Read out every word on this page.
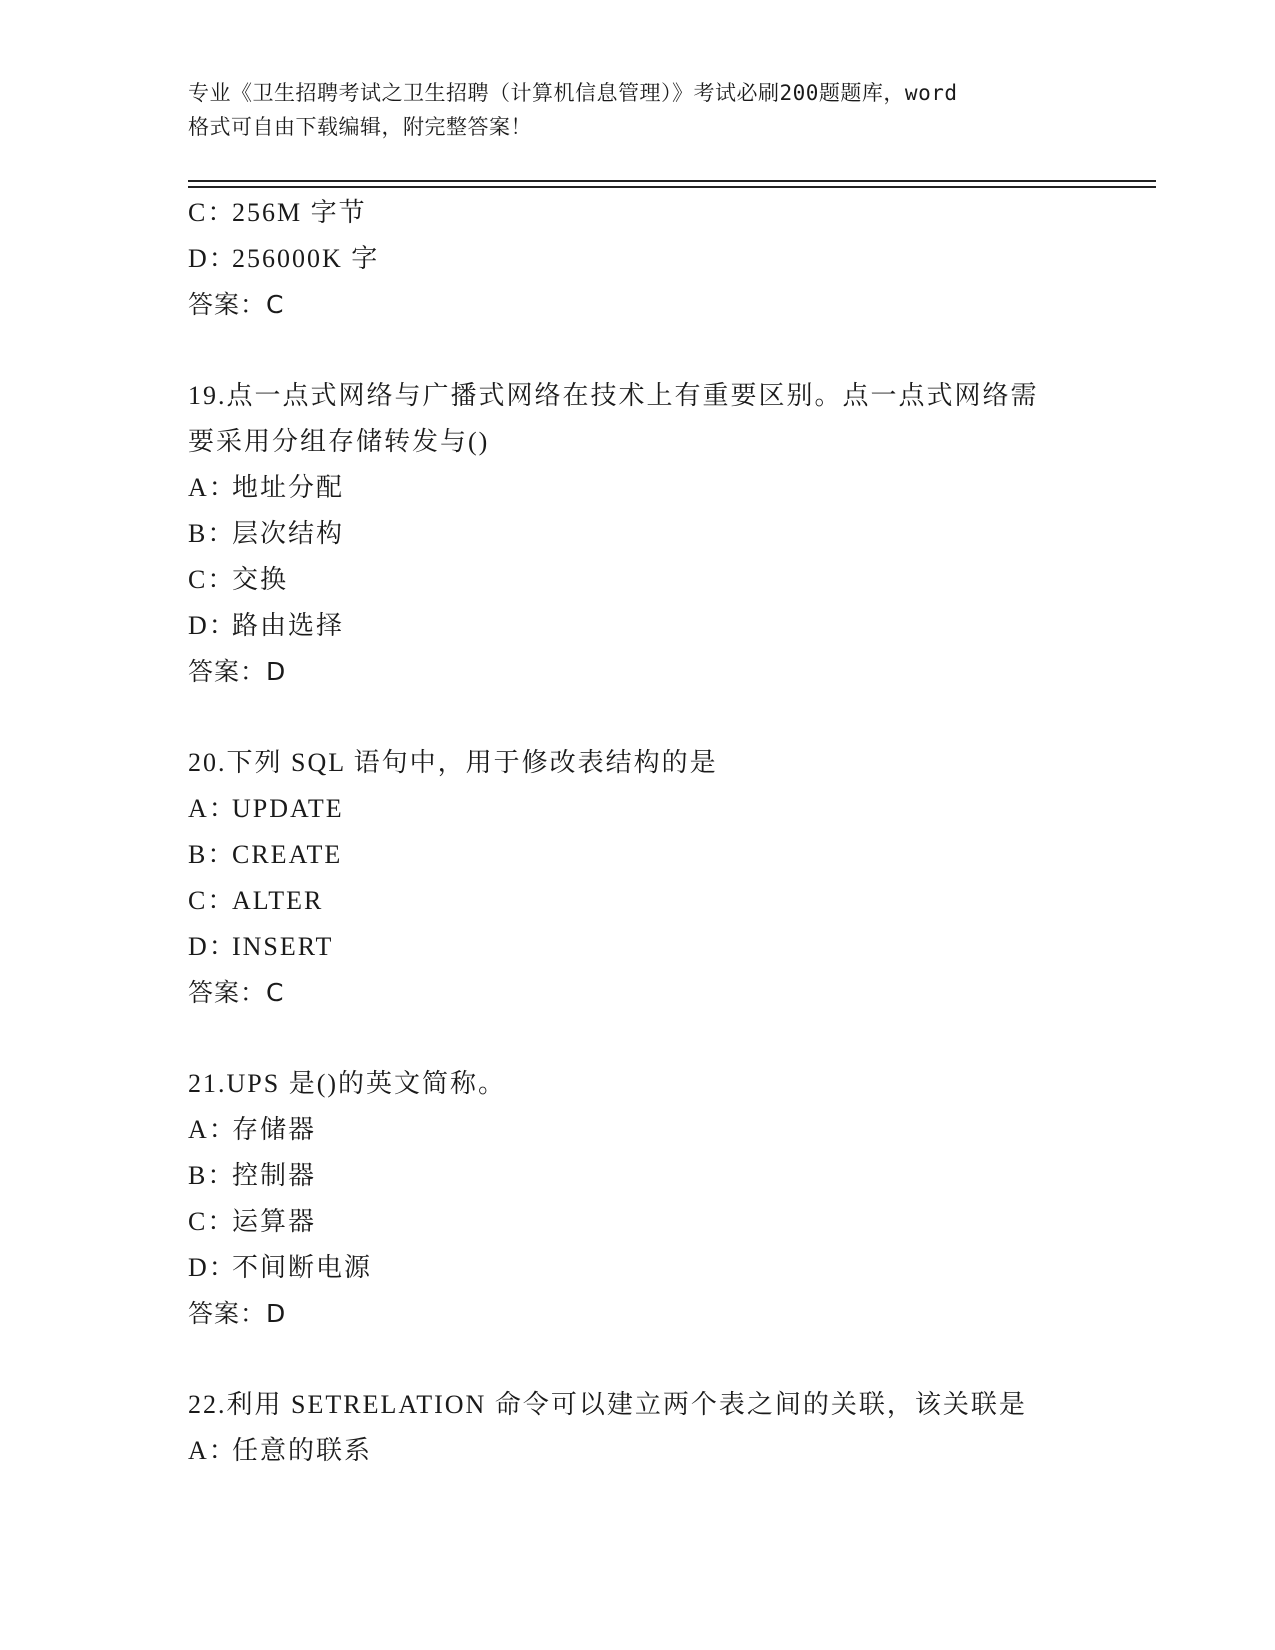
专业《卫生招聘考试之卫生招聘（计算机信息管理）》考试必刷200题题库，word
格式可自由下载编辑，附完整答案！
C：256M 字节
D：256000K 字
答案：C
19.点一点式网络与广播式网络在技术上有重要区别。点一点式网络需
要采用分组存储转发与()
A：地址分配
B：层次结构
C：交换
D：路由选择
答案：D
20.下列 SQL 语句中，用于修改表结构的是
A：UPDATE
B：CREATE
C：ALTER
D：INSERT
答案：C
21.UPS 是()的英文简称。
A：存储器
B：控制器
C：运算器
D：不间断电源
答案：D
22.利用 SETRELATION 命令可以建立两个表之间的关联，该关联是
A：任意的联系
